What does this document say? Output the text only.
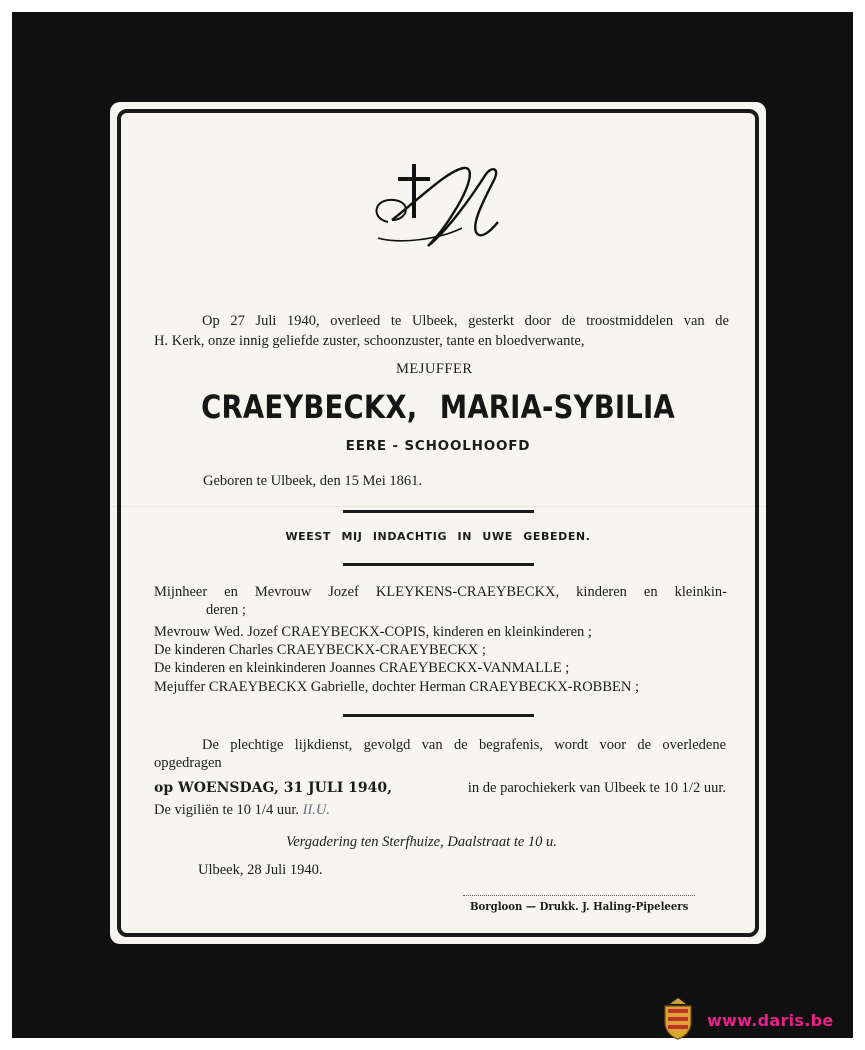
Op 27 Juli 1940, overleed te Ulbeek, gesterkt door de troostmiddelen van de
H. Kerk, onze innig geliefde zuster, schoonzuster, tante en bloedverwante,
MEJUFFER
CRAEYBECKX, MARIA-SYBILIA
EERE - SCHOOLHOOFD
Geboren te Ulbeek, den 15 Mei 1861.
WEEST MIJ INDACHTIG IN UWE GEBEDEN.
Mijnheer en Mevrouw Jozef KLEYKENS-CRAEYBECKX, kinderen en kleinkin-
deren ;
Mevrouw Wed. Jozef CRAEYBECKX-COPIS, kinderen en kleinkinderen ;
De kinderen Charles CRAEYBECKX-CRAEYBECKX ;
De kinderen en kleinkinderen Joannes CRAEYBECKX-VANMALLE ;
Mejuffer CRAEYBECKX Gabrielle, dochter Herman CRAEYBECKX-ROBBEN ;
De plechtige lijkdienst, gevolgd van de begrafenis, wordt voor de overledene
opgedragen
op WOENSDAG, 31 JULI 1940,	in de parochiekerk van Ulbeek te 10 1/2 uur.
De vigiliën te 10 1/4 uur. II.U.
Vergadering ten Sterfhuize, Daalstraat te 10 u.
Ulbeek, 28 Juli 1940.
Borgloon — Drukk. J. Haling-Pipeleers
www.daris.be
